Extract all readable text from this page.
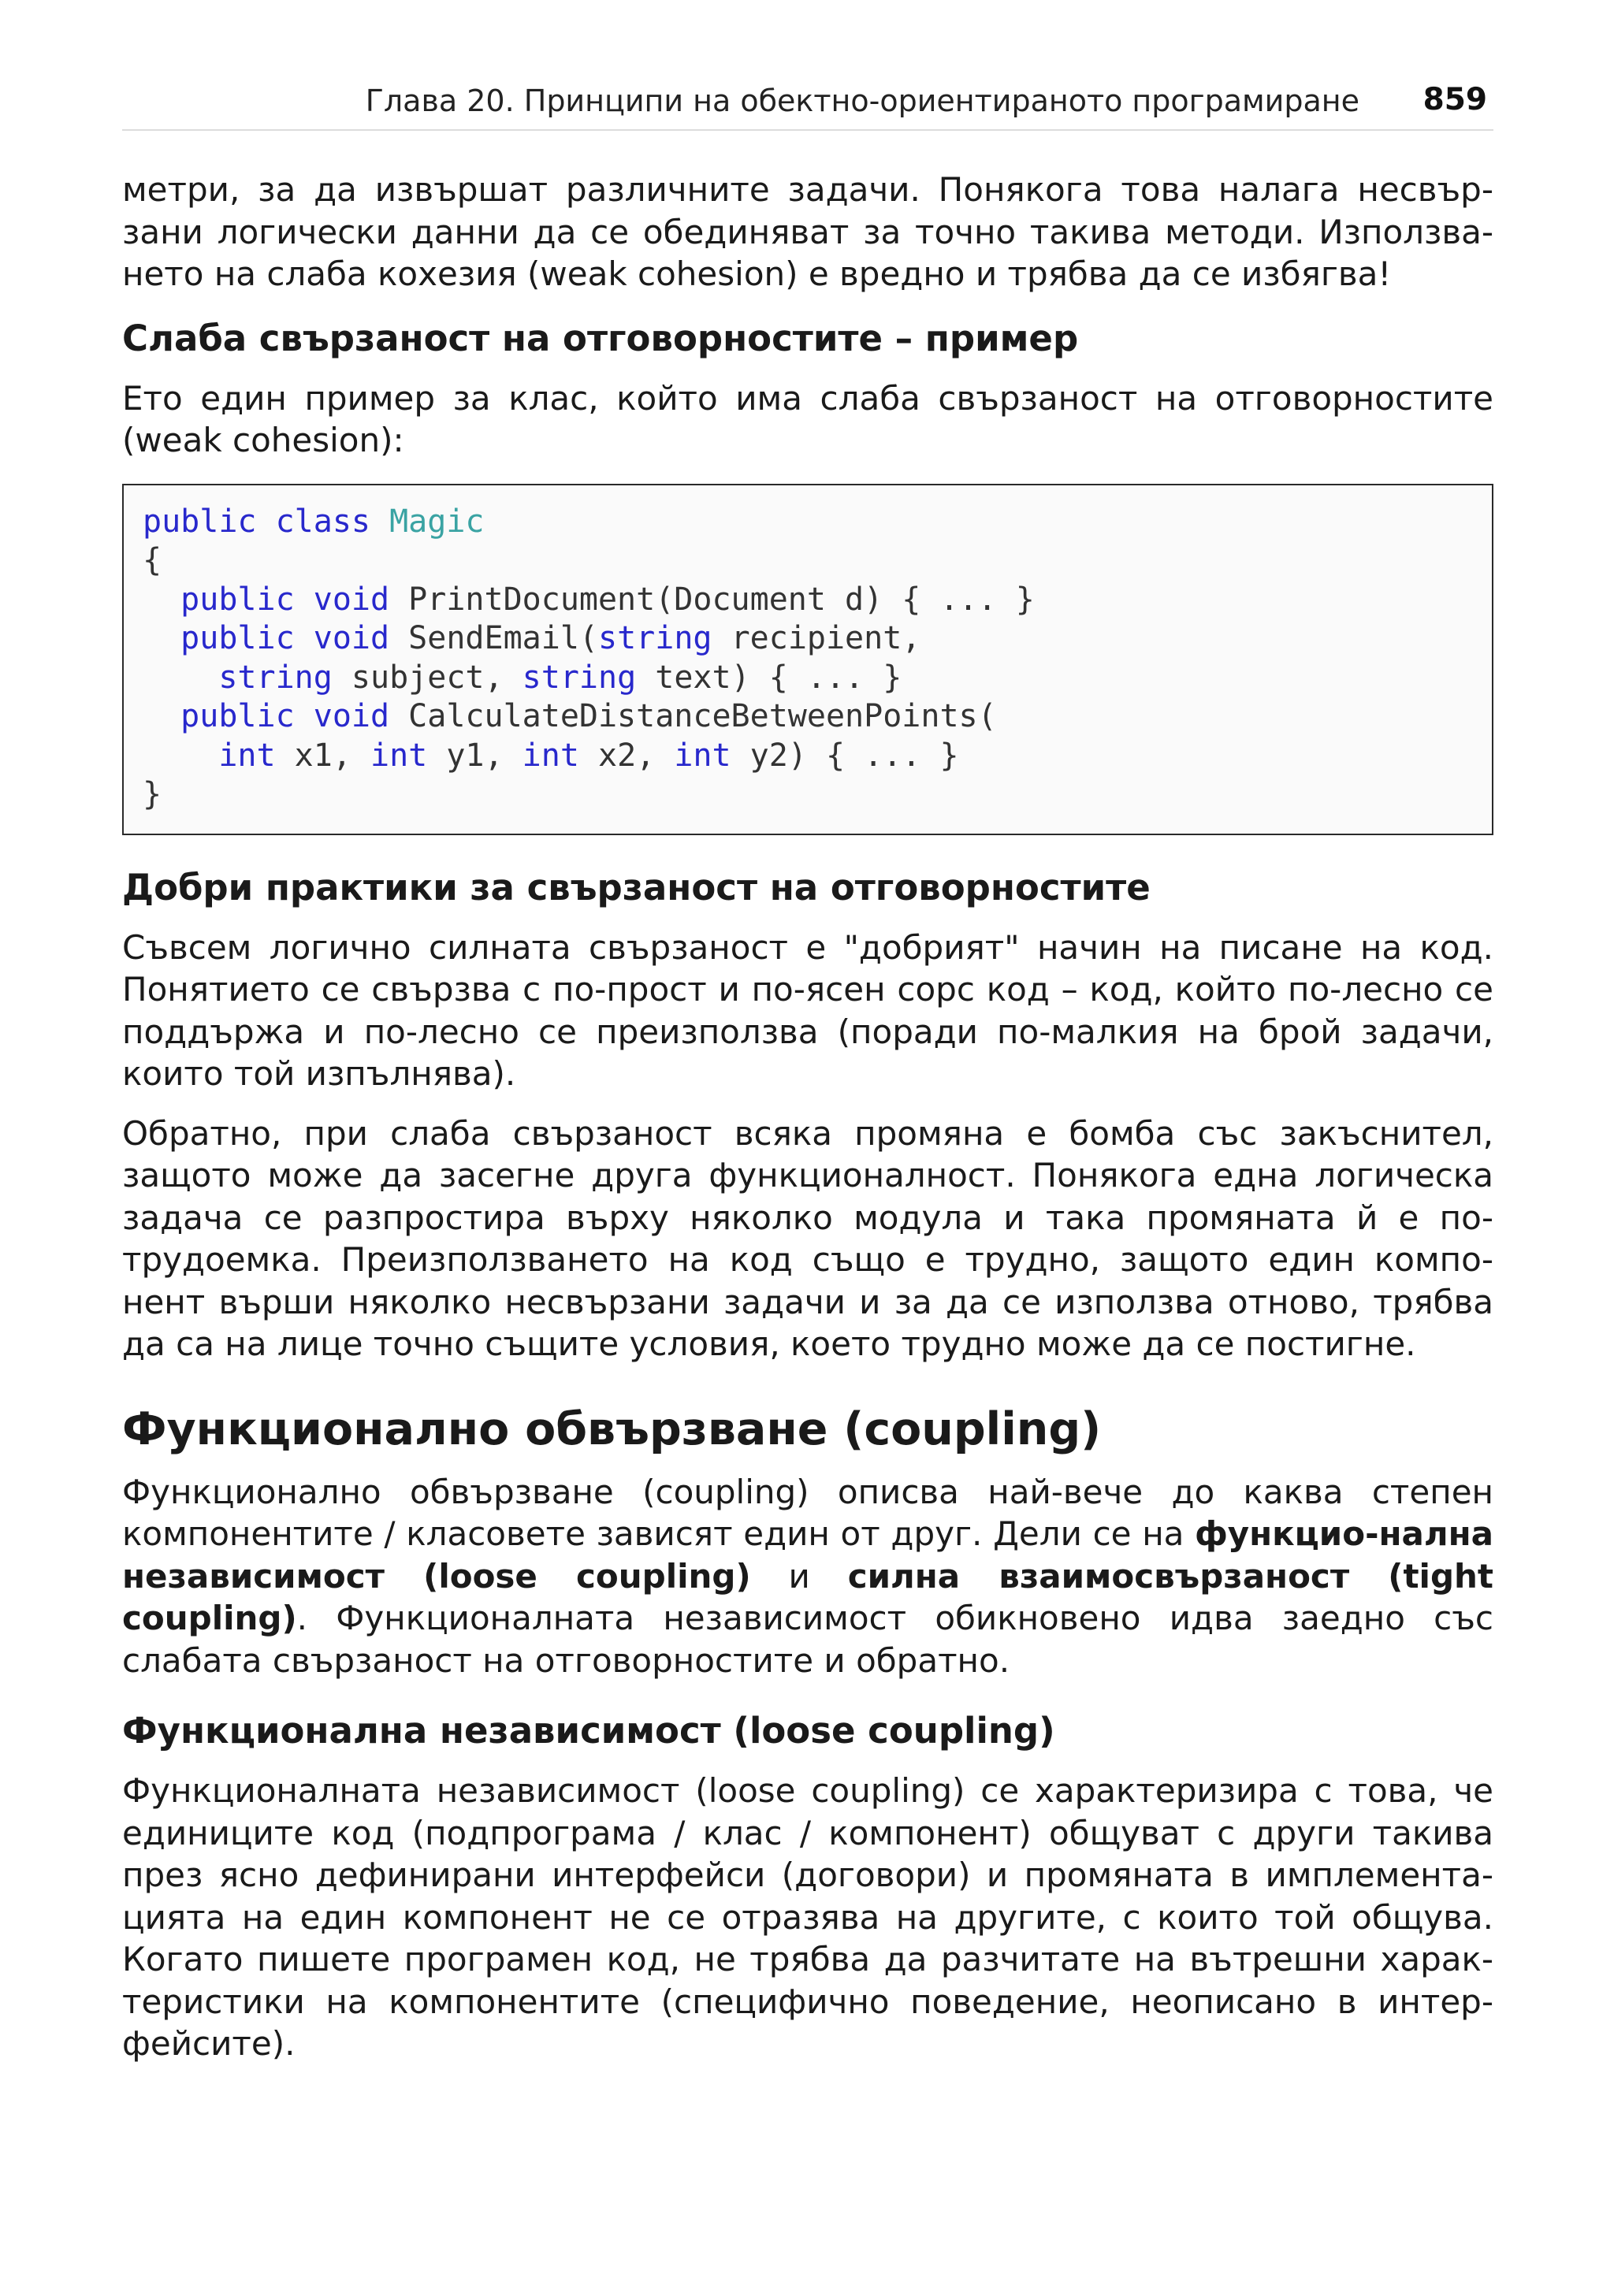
Глава 20. Принципи на обектно-ориентираното програмиране 859

метри, за да извършат различните задачи. Понякога това налага несвър-зани логически данни да се обединяват за точно такива методи. Използва-нето на слаба кохезия (weak cohesion) е вредно и трябва да се избягва!

Слаба свързаност на отговорностите – пример

Ето един пример за клас, който има слаба свързаност на отговорностите (weak cohesion):

public class Magic
{
public void PrintDocument(Document d) { ... }
public void SendEmail(string recipient,
string subject, string text) { ... }
public void CalculateDistanceBetweenPoints(
int x1, int y1, int x2, int y2) { ... }
}
Добри практики за свързаност на отговорностите

Съвсем логично силната свързаност е "добрият" начин на писане на код. Понятието се свързва с по-прост и по-ясен сорс код – код, който по-лесно се поддържа и по-лесно се преизползва (поради по-малкия на брой задачи, които той изпълнява).

Обратно, при слаба свързаност всяка промяна е бомба със закъснител, защото може да засегне друга функционалност. Понякога една логическа задача се разпростира върху няколко модула и така промяната й е по-трудоемка. Преизползването на код също е трудно, защото един компо-нент върши няколко несвързани задачи и за да се използва отново, трябва да са на лице точно същите условия, което трудно може да се постигне.

Функционално обвързване (coupling)

Функционално обвързване (coupling) описва най-вече до каква степен компонентите / класовете зависят един от друг. Дели се на функцио-нална независимост (loose coupling) и силна взаимосвързаност (tight coupling). Функционалната независимост обикновено идва заедно със слабата свързаност на отговорностите и обратно.

Функционална независимост (loose coupling)

Функционалната независимост (loose coupling) се характеризира с това, че единиците код (подпрограма / клас / компонент) общуват с други такива през ясно дефинирани интерфейси (договори) и промяната в имплемента-цията на един компонент не се отразява на другите, с които той общува. Когато пишете програмен код, не трябва да разчитате на вътрешни харак-теристики на компонентите (специфично поведение, неописано в интер-фейсите).
